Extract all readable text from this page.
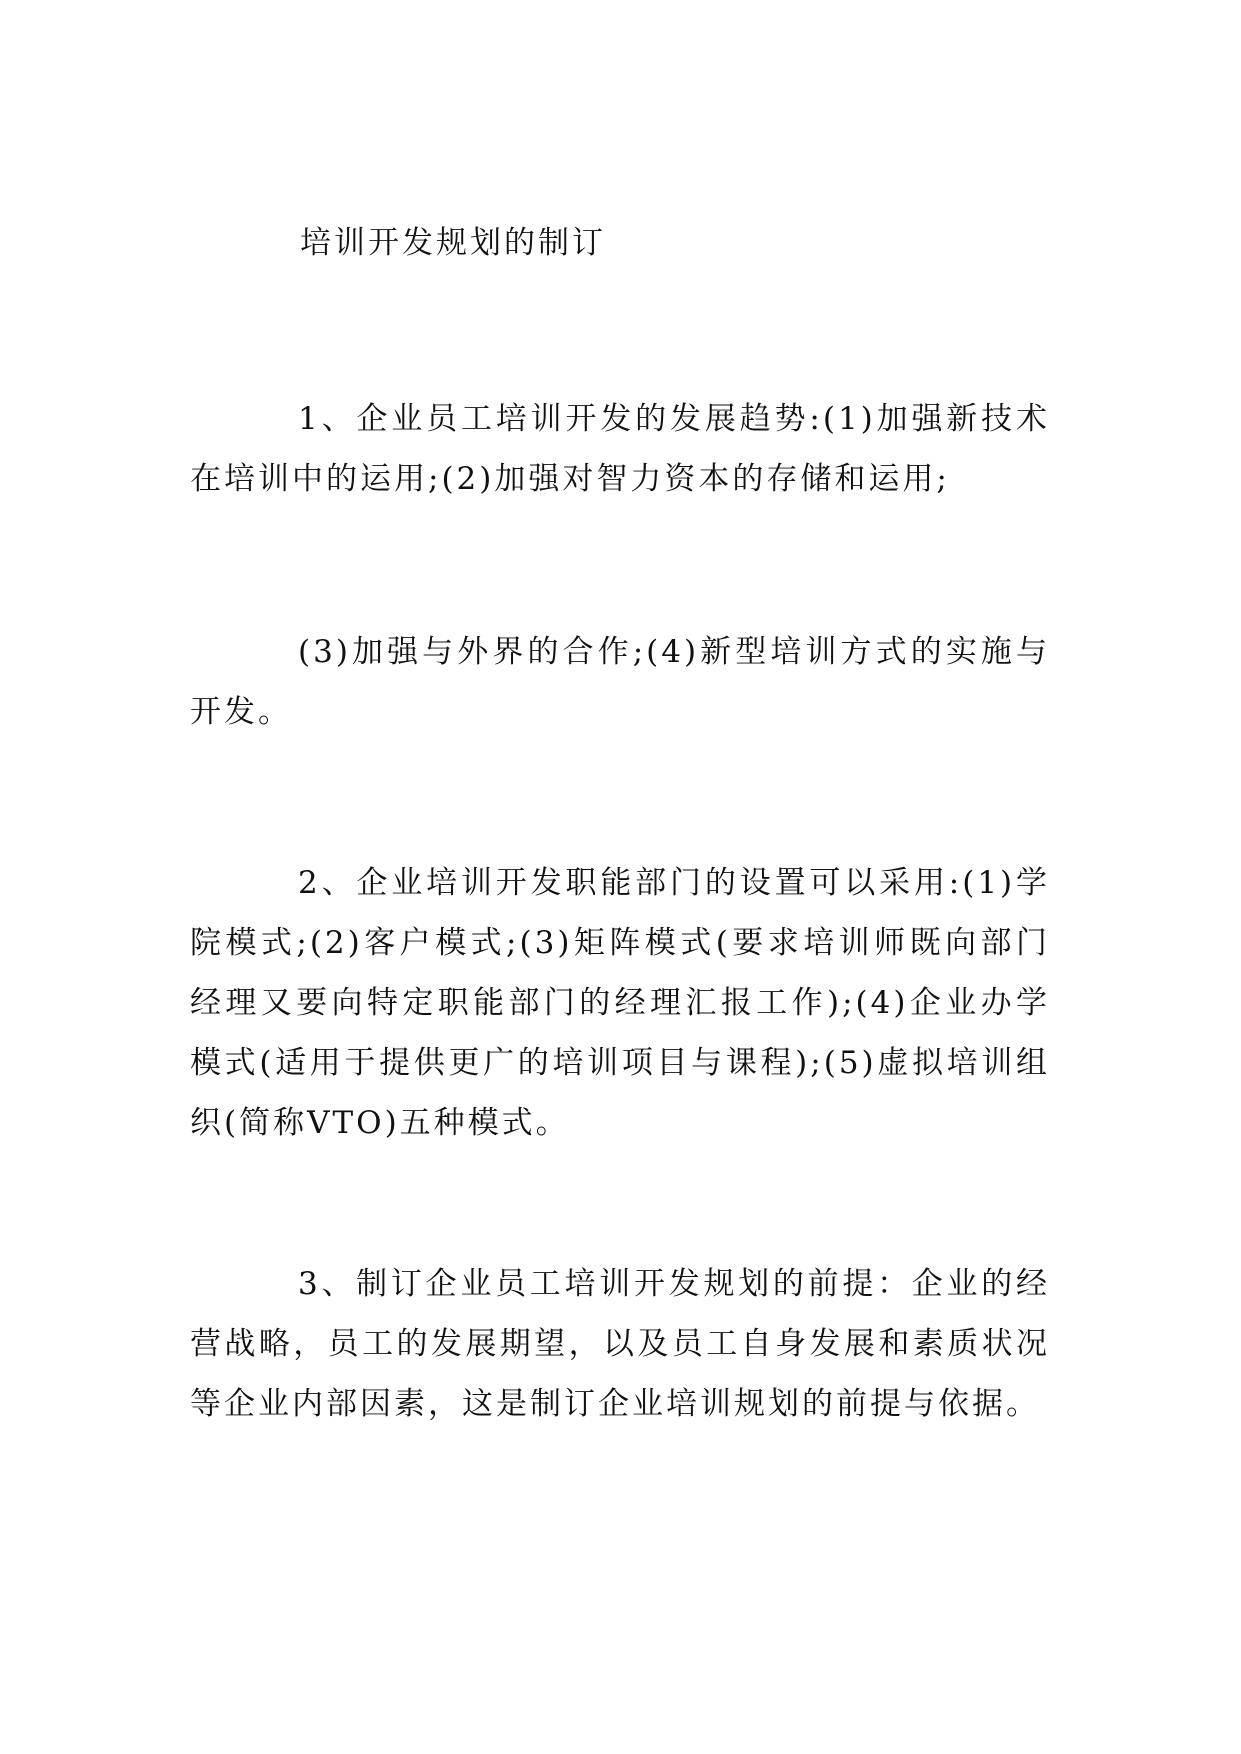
培训开发规划的制订

1、企业员工培训开发的发展趋势:(1)加强新技术在培训中的运用;(2)加强对智力资本的存储和运用;

(3)加强与外界的合作;(4)新型培训方式的实施与开发。

2、企业培训开发职能部门的设置可以采用:(1)学院模式;(2)客户模式;(3)矩阵模式(要求培训师既向部门经理又要向特定职能部门的经理汇报工作);(4)企业办学模式(适用于提供更广的培训项目与课程);(5)虚拟培训组织(简称VTO)五种模式。

3、制订企业员工培训开发规划的前提：企业的经营战略，员工的发展期望，以及员工自身发展和素质状况等企业内部因素，这是制订企业培训规划的前提与依据。
